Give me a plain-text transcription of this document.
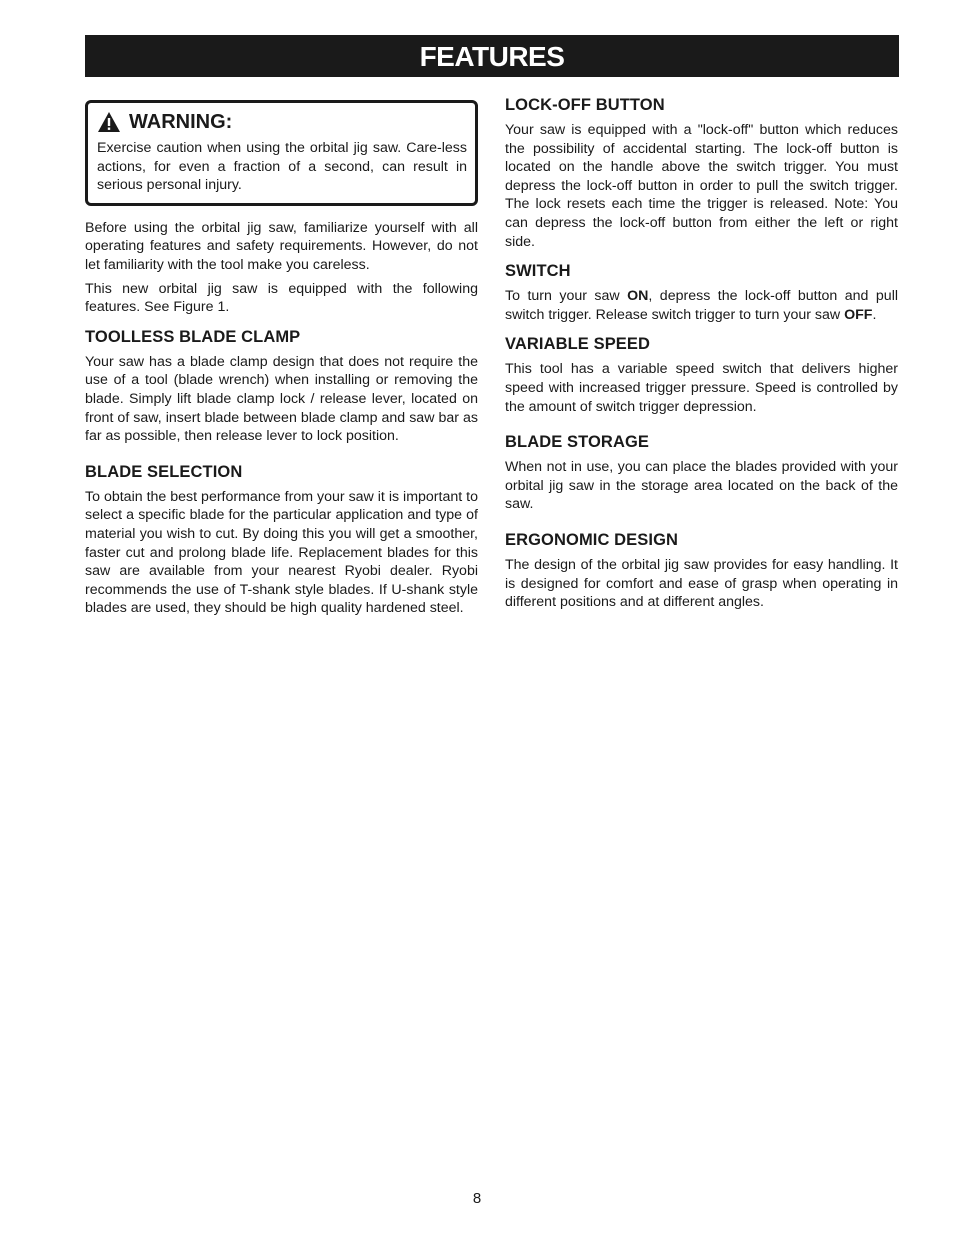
FEATURES
WARNING:

Exercise caution when using the orbital jig saw. Care-less actions, for even a fraction of a second, can result in serious personal injury.

Before using the orbital jig saw, familiarize yourself with all operating features and safety requirements. However, do not let familiarity with the tool make you careless.

This new orbital jig saw is equipped with the following features. See Figure 1.

TOOLLESS BLADE CLAMP

Your saw has a blade clamp design that does not require the use of a tool (blade wrench) when installing or removing the blade. Simply lift blade clamp lock / release lever, located on front of saw, insert blade between blade clamp and saw bar as far as possible, then release lever to lock position.

BLADE SELECTION

To obtain the best performance from your saw it is important to select a specific blade for the particular application and type of material you wish to cut. By doing this you will get a smoother, faster cut and prolong blade life. Replacement blades for this saw are available from your nearest Ryobi dealer. Ryobi recommends the use of T-shank style blades. If U-shank style blades are used, they should be high quality hardened steel.

LOCK-OFF BUTTON

Your saw is equipped with a "lock-off" button which reduces the possibility of accidental starting. The lock-off button is located on the handle above the switch trigger. You must depress the lock-off button in order to pull the switch trigger. The lock resets each time the trigger is released. Note: You can depress the lock-off button from either the left or right side.

SWITCH

To turn your saw ON, depress the lock-off button and pull switch trigger. Release switch trigger to turn your saw OFF.

VARIABLE SPEED

This tool has a variable speed switch that delivers higher speed with increased trigger pressure. Speed is controlled by the amount of switch trigger depression.

BLADE STORAGE

When not in use, you can place the blades provided with your orbital jig saw in the storage area located on the back of the saw.

ERGONOMIC DESIGN

The design of the orbital jig saw provides for easy handling. It is designed for comfort and ease of grasp when operating in different positions and at different angles.

8
